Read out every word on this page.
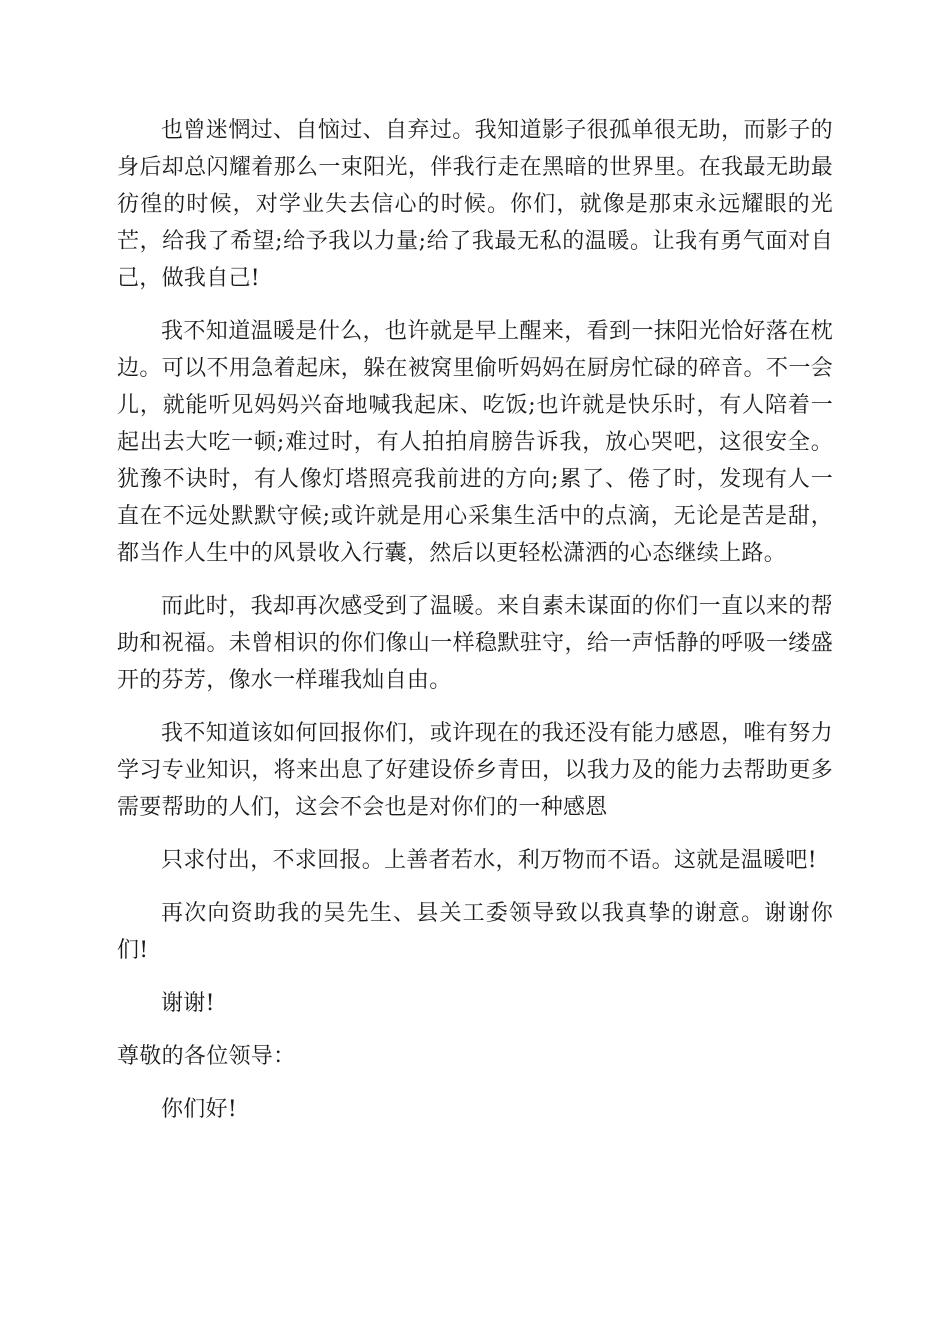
也曾迷惘过、自恼过、自弃过。我知道影子很孤单很无助，而影子的身后却总闪耀着那么一束阳光，伴我行走在黑暗的世界里。在我最无助最彷徨的时候，对学业失去信心的时候。你们，就像是那束永远耀眼的光芒，给我了希望;给予我以力量;给了我最无私的温暖。让我有勇气面对自己，做我自己!

我不知道温暖是什么，也许就是早上醒来，看到一抹阳光恰好落在枕边。可以不用急着起床，躲在被窝里偷听妈妈在厨房忙碌的碎音。不一会儿，就能听见妈妈兴奋地喊我起床、吃饭;也许就是快乐时，有人陪着一起出去大吃一顿;难过时，有人拍拍肩膀告诉我，放心哭吧，这很安全。犹豫不诀时，有人像灯塔照亮我前进的方向;累了、倦了时，发现有人一直在不远处默默守候;或许就是用心采集生活中的点滴，无论是苦是甜，都当作人生中的风景收入行囊，然后以更轻松潇洒的心态继续上路。

而此时，我却再次感受到了温暖。来自素未谋面的你们一直以来的帮助和祝福。未曾相识的你们像山一样稳默驻守，给一声恬静的呼吸一缕盛开的芬芳，像水一样璀我灿自由。

我不知道该如何回报你们，或许现在的我还没有能力感恩，唯有努力学习专业知识，将来出息了好建设侨乡青田，以我力及的能力去帮助更多需要帮助的人们，这会不会也是对你们的一种感恩

只求付出，不求回报。上善者若水，利万物而不语。这就是温暖吧!

再次向资助我的吴先生、县关工委领导致以我真挚的谢意。谢谢你们!

谢谢!

尊敬的各位领导：

你们好!
